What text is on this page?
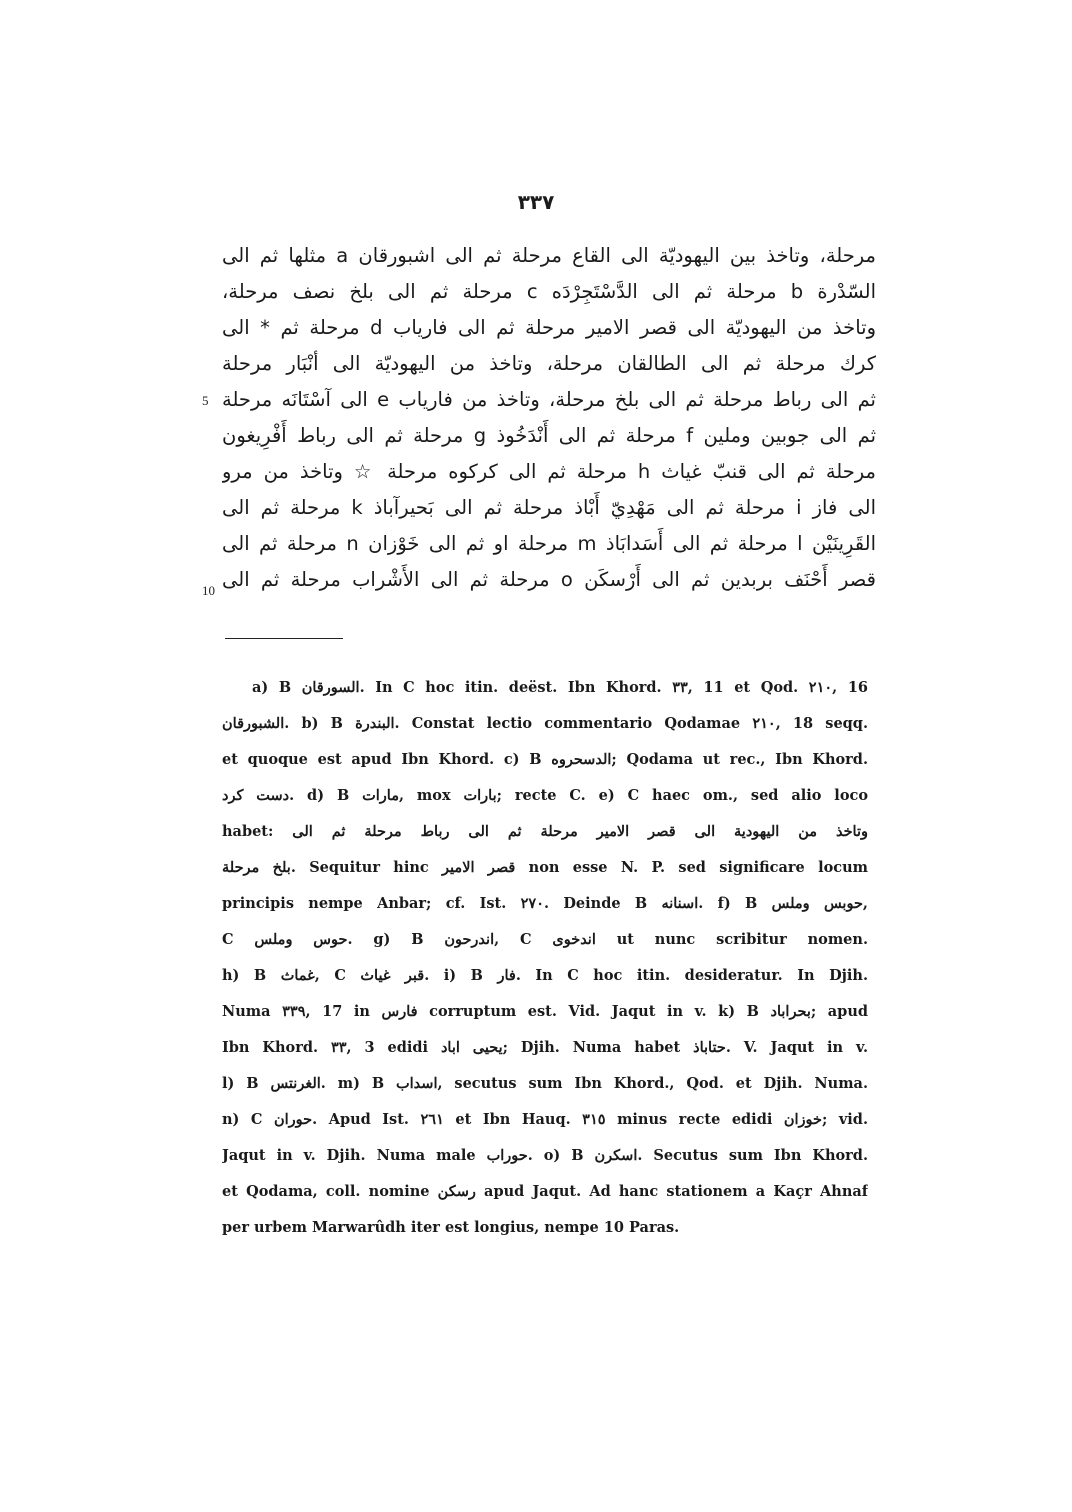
٣٣٧
مرحلة، وتاخذ بين اليهوديّة الى القاع مرحلة ثم الى اشبورقان a مثلها ثم الى
السّدْرة b مرحلة ثم الى الدَّسْتَجِرْدَه c مرحلة ثم الى بلخ نصف مرحلة،
وتاخذ من اليهوديّة الى قصر الامير مرحلة ثم الى فارياب d مرحلة ثم * الى
كرك مرحلة ثم الى الطالقان مرحلة، وتاخذ من اليهوديّة الى أنْبَار مرحلة
ثم الى رباط مرحلة ثم الى بلخ مرحلة، وتاخذ من فارياب e الى آسْتَانَه مرحلة
ثم الى جوبين وملين f مرحلة ثم الى أَنْدَخُوذ g مرحلة ثم الى رباط أَفْرِيغون
مرحلة ثم الى قنبّ غياث h مرحلة ثم الى كركوه مرحلة ☆ وتاخذ من مرو
الى فاز i مرحلة ثم الى مَهْدِيّ أَبْاذ مرحلة ثم الى بَحيرآباذ k مرحلة ثم الى
القَرِينَيْن l مرحلة ثم الى أَسَدابَاذ m مرحلة او ثم الى خَوْزان n مرحلة ثم الى
قصر أَحْنَف بربدين ثم الى أَرْسكَن o مرحلة ثم الى الأَشْراب مرحلة ثم الى
5
10
a) B السورقان. In C hoc itin. deëst. Ibn Khord. ٣٣, 11 et Qod. ٢١٠, 16
الشبورقان. b) B البندرة. Constat lectio commentario Qodamae ٢١٠, 18 seqq.
et quoque est apud Ibn Khord. c) B الدسحروه; Qodama ut rec., Ibn Khord.
دست كرد. d) B مارات, mox بارات; recte C. e) C haec om., sed alio loco
habet: وتاخذ من اليهودية الى قصر الامير مرحلة ثم الى رباط مرحلة ثم الى
بلخ مرحلة. Sequitur hinc قصر الامير non esse N. P. sed significare locum
principis nempe Anbar; cf. Ist. ٢٧٠. Deinde B اسنانه. f) B حوبس وملس,
C حوس وملس. g) B اندرحون, C اندخوى ut nunc scribitur nomen.
h) B غماث, C قبر غياث. i) B فار. In C hoc itin. desideratur. In Djih.
Numa ٣٣٩, 17 in فارس corruptum est. Vid. Jaqut in v. k) B بحراباد; apud
Ibn Khord. ٣٣, 3 edidi يحيى اباد; Djih. Numa habet حتاباذ. V. Jaqut in v.
l) B الغرنتس. m) B اسداب, secutus sum Ibn Khord., Qod. et Djih. Numa.
n) C حوران. Apud Ist. ٢٦١ et Ibn Hauq. ٣١٥ minus recte edidi خوزان; vid.
Jaqut in v. Djih. Numa male حوراب. o) B اسكرن. Secutus sum Ibn Khord.
et Qodama, coll. nomine رسكن apud Jaqut. Ad hanc stationem a Kaçr Ahnaf
per urbem Marwarûdh iter est longius, nempe 10 Paras.
